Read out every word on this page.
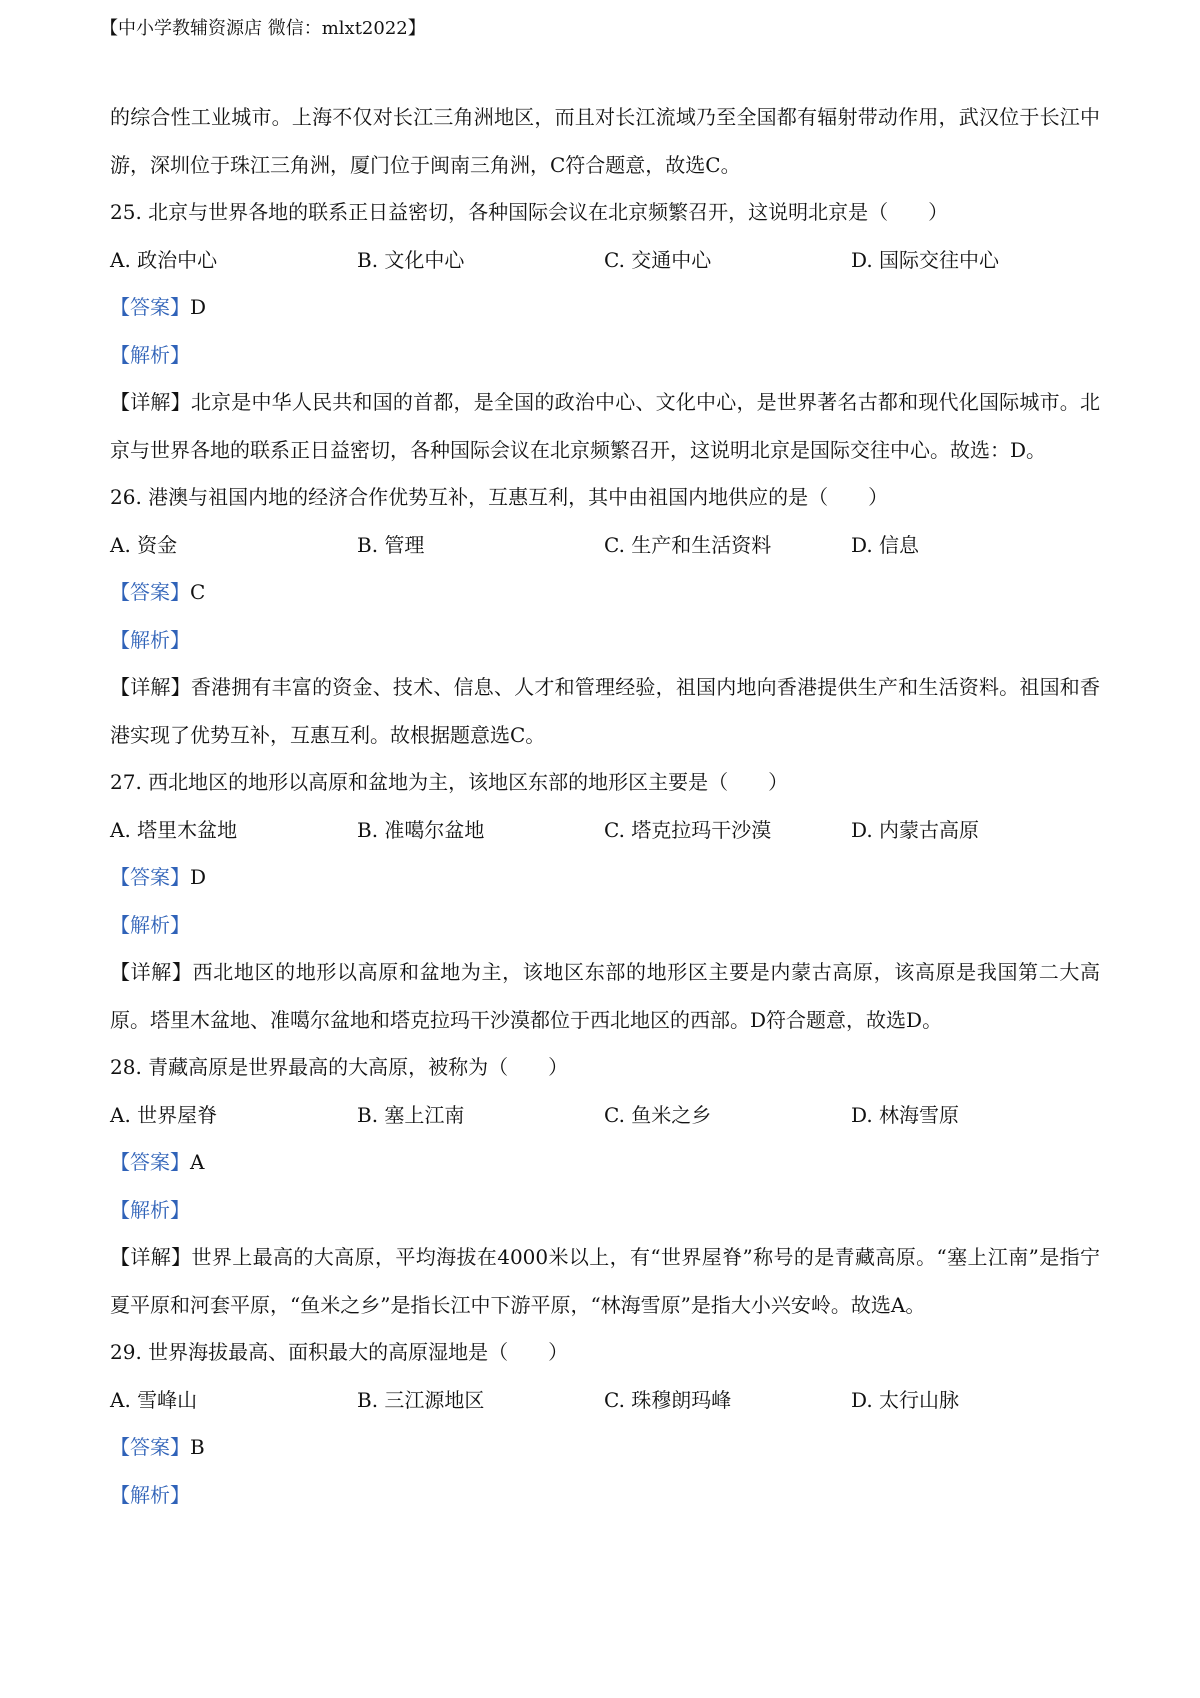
【中小学教辅资源店 微信：mlxt2022】
的综合性工业城市。上海不仅对长江三角洲地区，而且对长江流域乃至全国都有辐射带动作用，武汉位于长江中游，深圳位于珠江三角洲，厦门位于闽南三角洲，C符合题意，故选C。
25. 北京与世界各地的联系正日益密切，各种国际会议在北京频繁召开，这说明北京是（　　）
A. 政治中心	B. 文化中心	C. 交通中心	D. 国际交往中心
【答案】D
【解析】
【详解】北京是中华人民共和国的首都，是全国的政治中心、文化中心，是世界著名古都和现代化国际城市。北京与世界各地的联系正日益密切，各种国际会议在北京频繁召开，这说明北京是国际交往中心。故选：D。
26. 港澳与祖国内地的经济合作优势互补，互惠互利，其中由祖国内地供应的是（　　）
A. 资金	B. 管理	C. 生产和生活资料	D. 信息
【答案】C
【解析】
【详解】香港拥有丰富的资金、技术、信息、人才和管理经验，祖国内地向香港提供生产和生活资料。祖国和香港实现了优势互补，互惠互利。故根据题意选C。
27. 西北地区的地形以高原和盆地为主，该地区东部的地形区主要是（　　）
A. 塔里木盆地	B. 准噶尔盆地	C. 塔克拉玛干沙漠	D. 内蒙古高原
【答案】D
【解析】
【详解】西北地区的地形以高原和盆地为主，该地区东部的地形区主要是内蒙古高原，该高原是我国第二大高原。塔里木盆地、准噶尔盆地和塔克拉玛干沙漠都位于西北地区的西部。D符合题意，故选D。
28. 青藏高原是世界最高的大高原，被称为（　　）
A. 世界屋脊	B. 塞上江南	C. 鱼米之乡	D. 林海雪原
【答案】A
【解析】
【详解】世界上最高的大高原，平均海拔在4000米以上，有“世界屋脊”称号的是青藏高原。“塞上江南”是指宁夏平原和河套平原，“鱼米之乡”是指长江中下游平原，“林海雪原”是指大小兴安岭。故选A。
29. 世界海拔最高、面积最大的高原湿地是（　　）
A. 雪峰山	B. 三江源地区	C. 珠穆朗玛峰	D. 太行山脉
【答案】B
【解析】
